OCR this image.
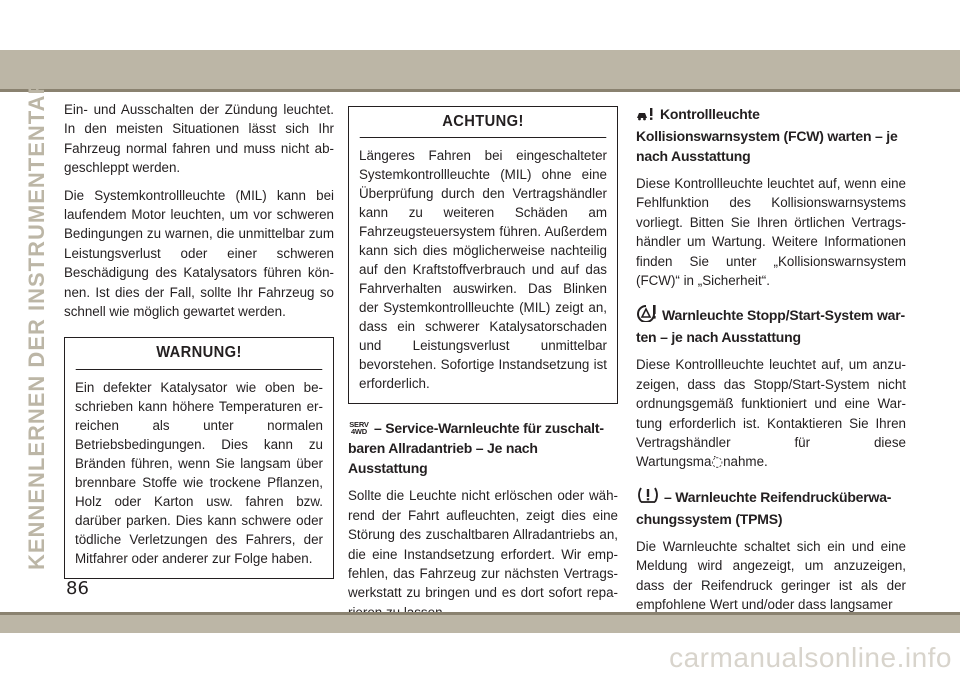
KENNENLERNEN DER INSTRUMENTENTAFEL Ein- und Ausschalten der Zündung leuchtet. In den meisten Situationen lässt sich Ihr Fahrzeug normal fahren und muss nicht abgeschleppt werden.

Die Systemkontrollleuchte (MIL) kann bei laufendem Motor leuchten, um vor schweren Bedingungen zu warnen, die unmittelbar zum Leistungsverlust oder einer schweren Beschädigung des Katalysators führen können. Ist dies der Fall, sollte Ihr Fahrzeug so schnell wie möglich gewartet werden.

WARNUNG!
Ein defekter Katalysator wie oben beschrieben kann höhere Temperaturen erreichen als unter normalen Betriebsbedingungen. Dies kann zu Bränden führen, wenn Sie langsam über brennbare Stoffe wie trockene Pflanzen, Holz oder Karton usw. fahren bzw. darüber parken. Dies kann schwere oder tödliche Verletzungen des Fahrers, der Mitfahrer oder anderer zur Folge haben.
ACHTUNG!
Längeres Fahren bei eingeschalteter Systemkontrollleuchte (MIL) ohne eine Überprüfung durch den Vertragshändler kann zu weiteren Schäden am Fahrzeugsteuersystem führen. Außerdem kann sich dies möglicherweise nachteilig auf den Kraftstoffverbrauch und auf das Fahrverhalten auswirken. Das Blinken der Systemkontrollleuchte (MIL) zeigt an, dass ein schwerer Katalysatorschaden und Leistungsverlust unmittelbar bevorstehen. Sofortige Instandsetzung ist erforderlich.
SERV
4WD – Service-Warnleuchte für zuschaltbaren Allradantrieb – Je nach Ausstattung

Sollte die Leuchte nicht erlöschen oder während der Fahrt aufleuchten, zeigt dies eine Störung des zuschaltbaren Allradantriebs an, die eine Instandsetzung erfordert. Wir empfehlen, das Fahrzeug zur nächsten Vertragswerkstatt zu bringen und es dort sofort repa

Kontrollleuchte Kollisionswarnsystem (FCW) warten – je nach Ausstattung

Diese Kontrollleuchte leuchtet auf, wenn eine Fehlfunktion des Kollisionswarnsystems vorliegt. Bitten Sie Ihren örtlichen Vertragshändler um Wartung. Weitere Informationen finden Sie unter „Kollisionswarnsystem (FCW)“ in „Sicherheit“.

Warnleuchte Stopp/Start-System warten – je nach Ausstattung

Diese Kontrollleuchte leuchtet auf, um anzuzeigen, dass das Stopp/Start-System nicht ordnungsgemäß funktioniert und eine Wartung erforderlich ist. Kontaktieren Sie Ihren Vertragshändler für diese Wartungsma߭nahme.

– Warnleuchte Reifendrucküberwachungssystem (TPMS)

Die Warnleuchte schaltet sich ein und eine Meldung wird angezeigt, um anzuzeigen, dass der Reifendruck geringer ist als der empfohlene Wert und/oder dass langsamer

86
carmanualsonline.info
